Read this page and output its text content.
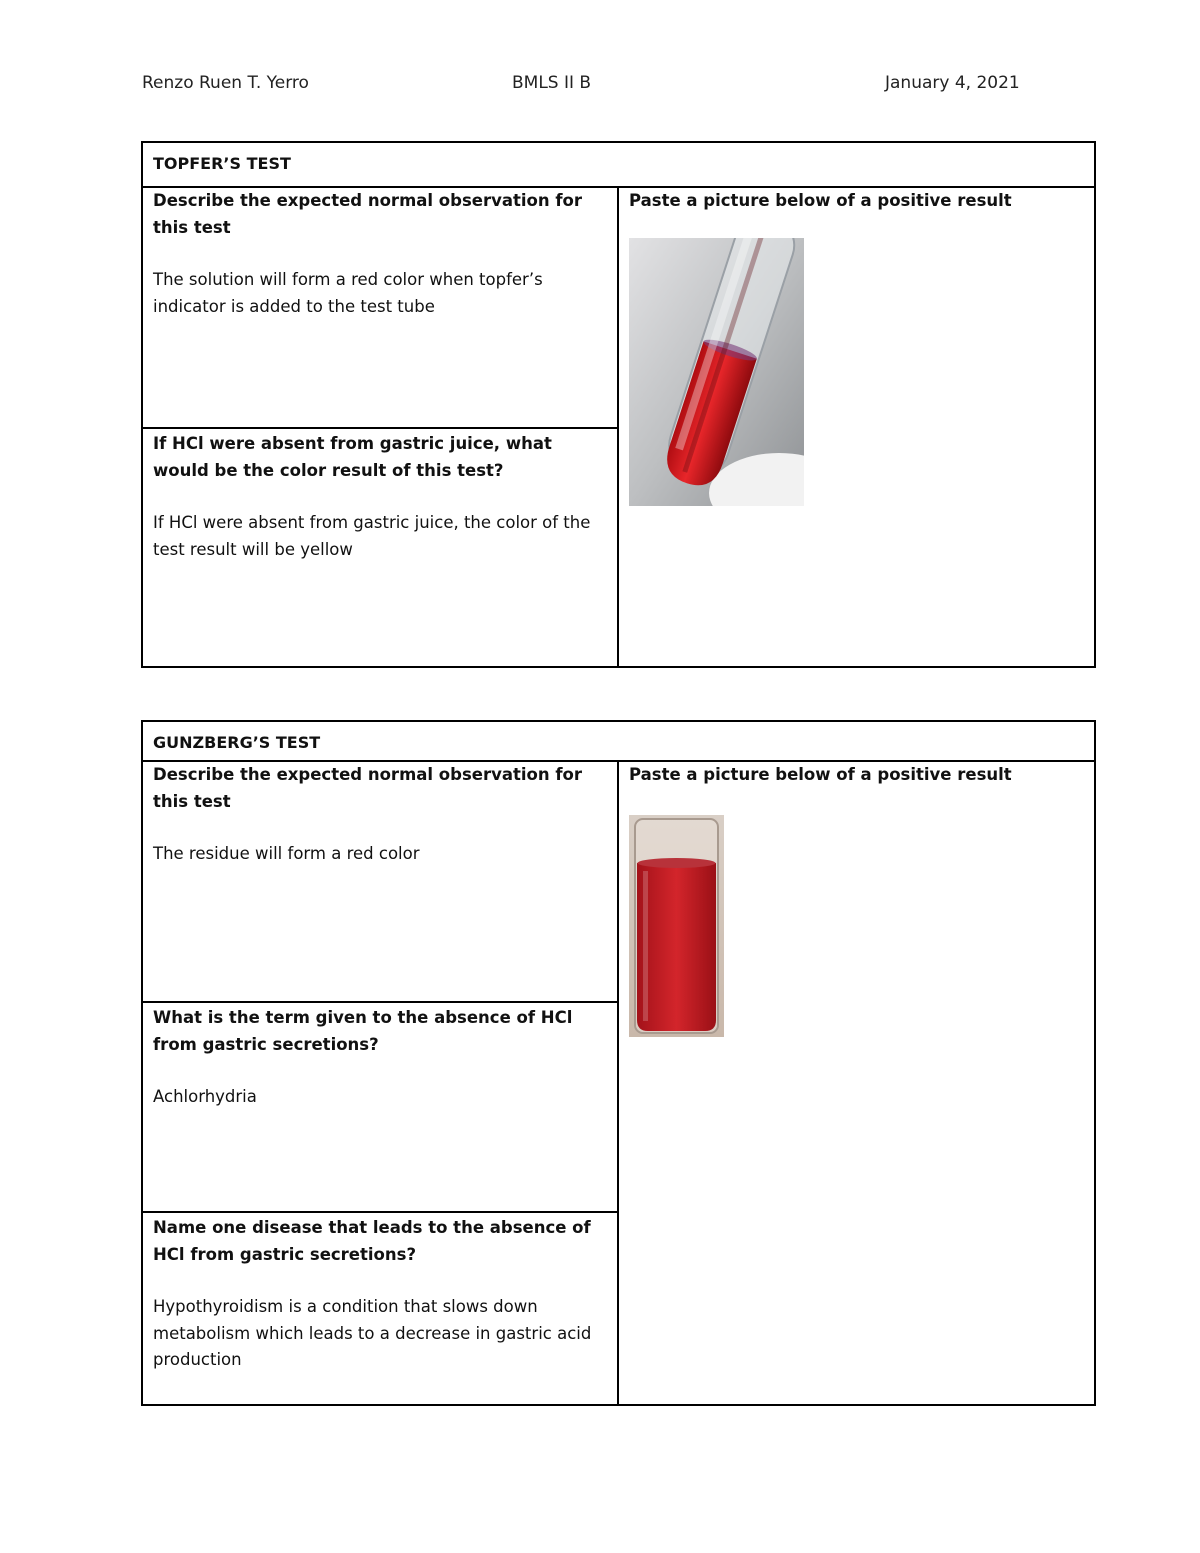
Renzo Ruen T. Yerro	BMLS II B	January 4, 2021
TOPFER’S TEST
Describe the expected normal observation for this test
The solution will form a red color when topfer’s indicator is added to the test tube
If HCl were absent from gastric juice, what would be the color result of this test?
If HCl were absent from gastric juice, the color of the test result will be yellow
Paste a picture below of a positive result
GUNZBERG’S TEST
Describe the expected normal observation for this test
The residue will form a red color
What is the term given to the absence of HCl from gastric secretions?
Achlorhydria
Name one disease that leads to the absence of HCl from gastric secretions?
Hypothyroidism is a condition that slows down metabolism which leads to a decrease in gastric acid production
Paste a picture below of a positive result
